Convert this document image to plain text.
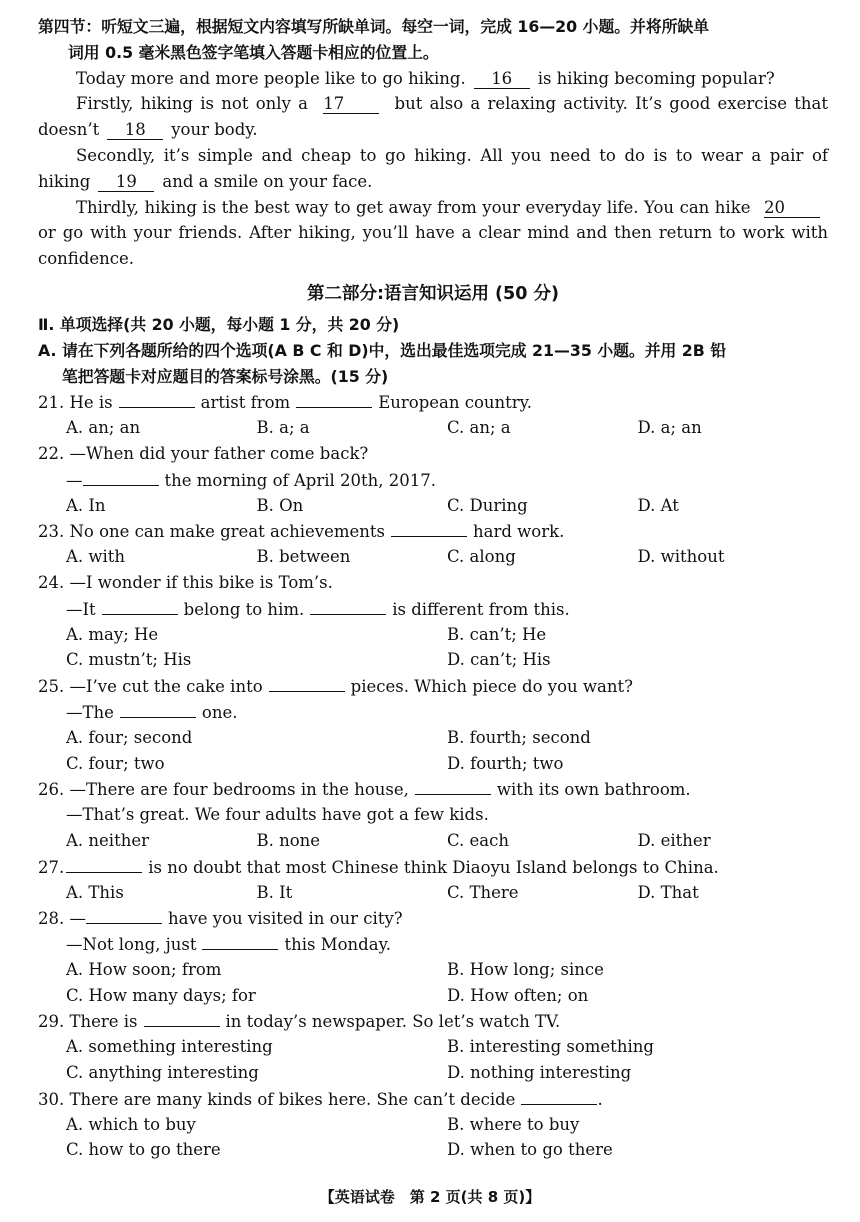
第四节：听短文三遍，根据短文内容填写所缺单词。每空一词，完成 16—20 小题。并将所缺单
词用 0.5 毫米黑色签字笔填入答题卡相应的位置上。
Today more and more people like to go hiking. 16 is hiking becoming popular?
Firstly, hiking is not only a 17	but also a relaxing activity. It’s good exercise that
doesn’t 18 your body.
Secondly, it’s simple and cheap to go hiking. All you need to do is to wear a pair of
hiking 19 and a smile on your face.
Thirdly, hiking is the best way to get away from your everyday life. You can hike 20
or go with your friends. After hiking, you’ll have a clear mind and then return to work with
confidence.
第二部分:语言知识运用 (50 分)
Ⅱ. 单项选择(共 20 小题，每小题 1 分，共 20 分)
A. 请在下列各题所给的四个选项(A B C 和 D)中，选出最佳选项完成 21—35 小题。并用 2B 铅
笔把答题卡对应题目的答案标号涂黑。(15 分)
21. He is	artist from	European country.
A. an; an	B. a; a	C. an; a	D. a; an
22. —When did your father come back?
—	the morning of April 20th, 2017.
A. In	B. On	C. During	D. At
23. No one can make great achievements	hard work.
A. with	B. between	C. along	D. without
24. —I wonder if this bike is Tom’s.
—It	belong to him.	is different from this.
A. may; He	B. can’t; He
C. mustn’t; His	D. can’t; His
25. —I’ve cut the cake into	pieces. Which piece do you want?
—The	one.
A. four; second	B. fourth; second
C. four; two	D. fourth; two
26. —There are four bedrooms in the house,	with its own bathroom.
—That’s great. We four adults have got a few kids.
A. neither	B. none	C. each	D. either
27.	is no doubt that most Chinese think Diaoyu Island belongs to China.
A. This	B. It	C. There	D. That
28. —	have you visited in our city?
—Not long, just	this Monday.
A. How soon; from	B. How long; since
C. How many days; for	D. How often; on
29. There is	in today’s newspaper. So let’s watch TV.
A. something interesting	B. interesting something
C. anything interesting	D. nothing interesting
30. There are many kinds of bikes here. She can’t decide	.
A. which to buy	B. where to buy
C. how to go there	D. when to go there
【英语试卷　第 2 页(共 8 页)】
